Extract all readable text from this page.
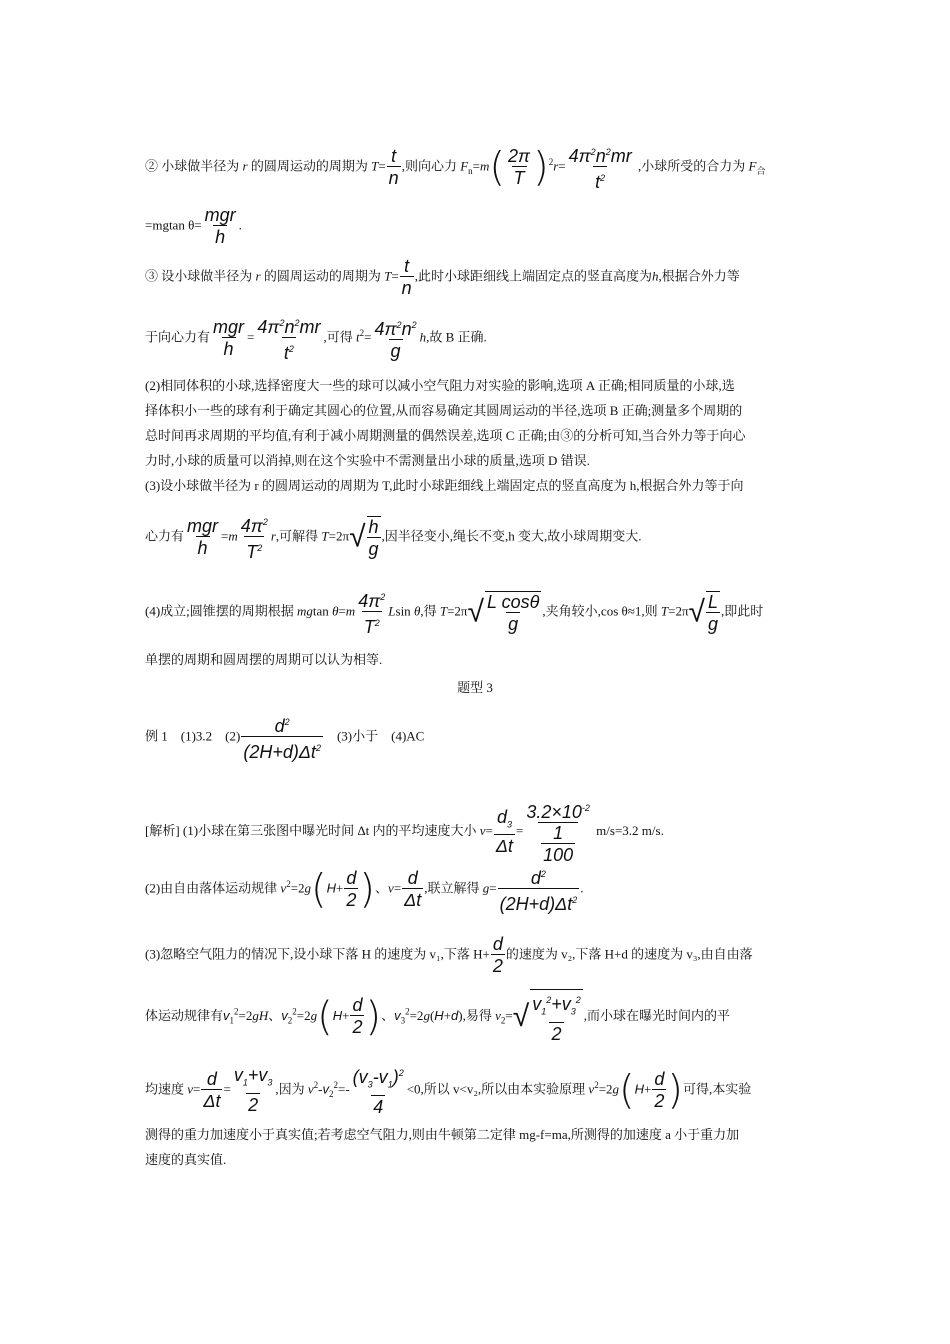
② 小球做半径为 r 的圆周运动的周期为 $T= \frac{t}{n}$ ,则向心力 $F_n=m( \frac{2\pi}{T} )^2r= \frac{4\pi^2n^2mr}{t^2}$ ,小球所受的合力为 $F_合$
=mgtan θ= mgr
h
.
③ 设小球做半径为 r 的圆周运动的周期为 $T= \frac{t}{n}$ ,此时小球距细线上端固定点的竖直高度为h,根据合外力等
于向心力有 mgr
h
= $\frac{4\pi^2n^2mr}{t^2}$ ,可得 $t^2= \frac{4\pi^2n^2}{g} h$,故 B 正确.
(2)相同体积的小球,选择密度大一些的球可以减小空气阻力对实验的影响,选项 A 正确;相同质量的小球,选
择体积小一些的球有利于确定其圆心的位置,从而容易确定其圆周运动的半径,选项 B 正确;测量多个周期的
总时间再求周期的平均值,有利于减小周期测量的偶然误差,选项 C 正确;由③的分析可知,当合外力等于向心
力时,小球的质量可以消掉,则在这个实验中不需测量出小球的质量,选项 D 错误.
(3)设小球做半径为 r 的圆周运动的周期为 T,此时小球距细线上端固定点的竖直高度为 h,根据合外力等于向
心力有 mgr
h
$=m \frac{4\pi^2}{T^2} r$,可解得 $T=2\pi√ \frac{h}{g}$ ,因半径变小,绳长不变,h 变大,故小球周期变大.
(4)成立;圆锥摆的周期根据 mgtan $\theta=m \frac{4\pi^2}{T^2}$ Lsin θ,得 $T=2\pi√ \frac{\text{L cosθ}}{g}$ ,夹角较小,cos θ≈1,则 $T=2\pi√ \frac{L}{g}$ ,即此时
单摆的周期和圆周摆的周期可以认为相等.
题型 3
例 1　(1)3.2　$(2) \frac{d^2}{(2H+d)\Delta t^2}$ 　(3)小于　(4)AC
[解析] (1)小球在第三张图中曝光时间 Δt 内的平均速度大小 $v= \frac{d_3}{\Delta t} = \frac{3.2\times 10^{-2}}{\frac{1}{100}} m/s=3.2$ m/s.
(2)由自由落体运动规律 $v^2=2g(H+ \frac{d}{2}$ )、$v= \frac{d}{\Delta t}$ ,联立解得 $g= \frac{d^2}{(2H+d)\Delta t^2}$ .
(3)忽略空气阻力的情况下,设小球下落 H 的速度为 v₁,下落 $H+ \frac{d}{2}$ 的速度为 v₂,下落 H+d 的速度为 v₃,由自由落
体运动规律有$v_1^2=2gH$、$v_2^2=2g(H+ \frac{d}{2}$ )、$v_3^2=2g(H+d)$,易得 $v_2=√ \frac{v_1^2+v_3^2}{2}$ ,而小球在曝光时间内的平
均速度 $v= \frac{d}{\Delta t} = \frac{v_1+v_3}{2}$ ,因为 $v^2-v_2^2=- \frac{(v_3-v_1)^2}{4} <0$,所以 v<v₂,所以由本实验原理 $v^2=2g(H+ \frac{d}{2}$ )可得,本实验
测得的重力加速度小于真实值;若考虑空气阻力,则由牛顿第二定律 mg-f=ma,所测得的加速度 a 小于重力加
速度的真实值.
